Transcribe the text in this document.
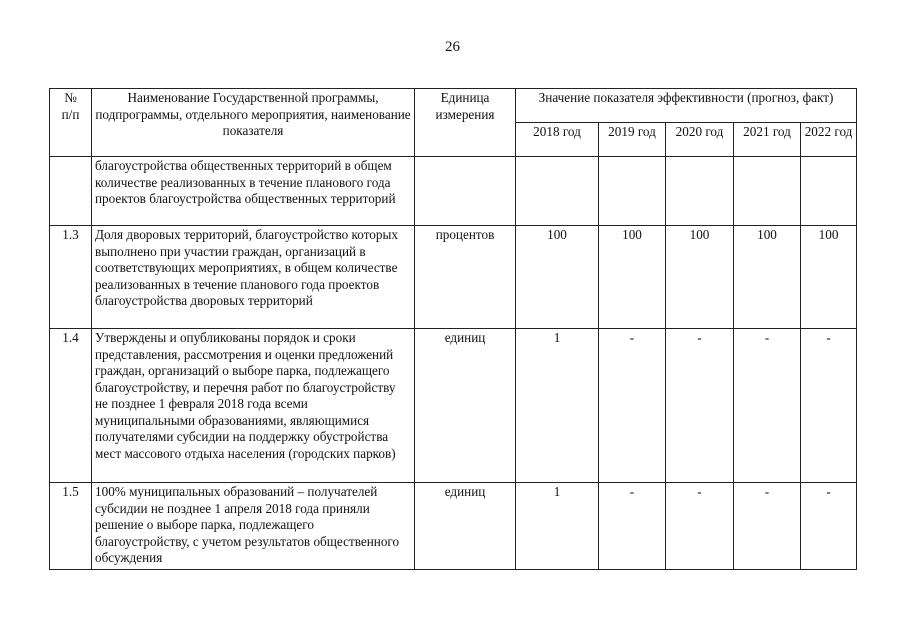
26
№
п/п	Наименование Государственной программы, подпрограммы, отдельного мероприятия, наименование показателя	Единица измерения	Значение показателя эффективности (прогноз, факт)				
			2018 год	2019 год	2020 год	2021 год	2022 год
	благоустройства общественных территорий в общем количестве реализованных в течение планового года проектов благоустройства общественных территорий						
1.3	Доля дворовых территорий, благоустройство которых выполнено при участии граждан, организаций в соответствующих мероприятиях, в общем количестве реализованных в течение планового года проектов благоустройства дворовых территорий	процентов	100	100	100	100	100
1.4	Утверждены и опубликованы порядок и сроки представления, рассмотрения и оценки предложений граждан, организаций о выборе парка, подлежащего благоустройству, и перечня работ по благоустройству не позднее 1 февраля 2018 года всеми муниципальными образованиями, являющимися получателями субсидии на поддержку обустройства мест массового отдыха населения (городских парков)	единиц	1	-	-	-	-
1.5	100% муниципальных образований – получателей субсидии не позднее 1 апреля 2018 года приняли решение о выборе парка, подлежащего благоустройству, с учетом результатов общественного обсуждения	единиц	1	-	-	-	-
